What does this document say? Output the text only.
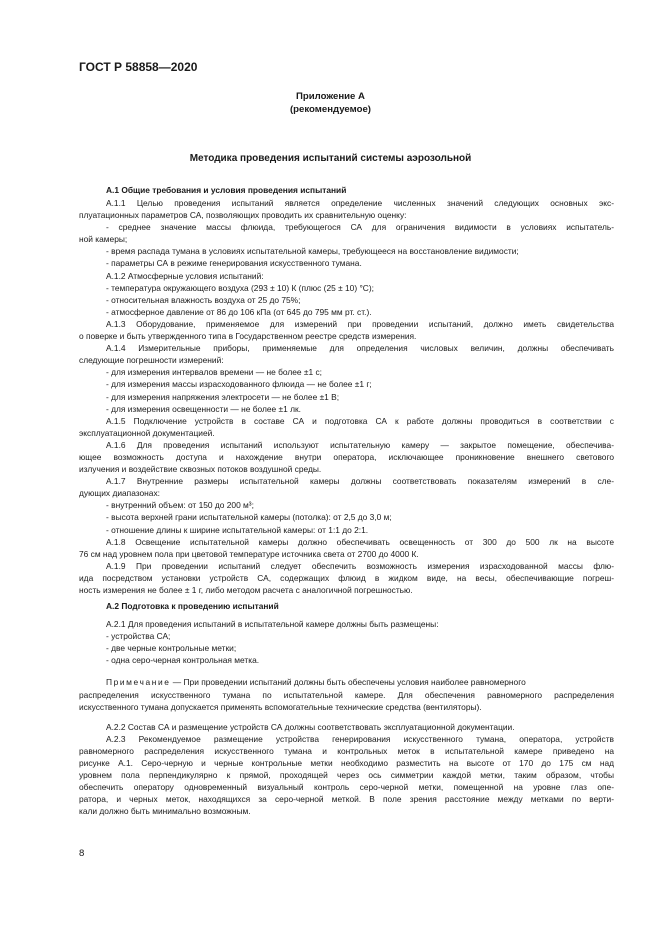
ГОСТ Р 58858—2020
Приложение А
(рекомендуемое)
Методика проведения испытаний системы аэрозольной
А.1 Общие требования и условия проведения испытаний
А.1.1 Целью проведения испытаний является определение численных значений следующих основных экс-
плуатационных параметров СА, позволяющих проводить их сравнительную оценку:
- среднее значение массы флюида, требующегося СА для ограничения видимости в условиях испытатель-
ной камеры;
- время распада тумана в условиях испытательной камеры, требующееся на восстановление видимости;
- параметры СА в режиме генерирования искусственного тумана.
А.1.2 Атмосферные условия испытаний:
- температура окружающего воздуха (293 ± 10) К (плюс (25 ± 10) °С);
- относительная влажность воздуха от 25 до 75%;
- атмосферное давление от 86 до 106 кПа (от 645 до 795 мм рт. ст.).
А.1.3 Оборудование, применяемое для измерений при проведении испытаний, должно иметь свидетельства
о поверке и быть утвержденного типа в Государственном реестре средств измерения.
А.1.4 Измерительные приборы, применяемые для определения числовых величин, должны обеспечивать
следующие погрешности измерений:
- для измерения интервалов времени — не более ±1 с;
- для измерения массы израсходованного флюида — не более ±1 г;
- для измерения напряжения электросети — не более ±1 В;
- для измерения освещенности — не более ±1 лк.
А.1.5 Подключение устройств в составе СА и подготовка СА к работе должны проводиться в соответствии с
эксплуатационной документацией.
А.1.6 Для проведения испытаний используют испытательную камеру — закрытое помещение, обеспечива-
ющее возможность доступа и нахождение внутри оператора, исключающее проникновение внешнего светового
излучения и воздействие сквозных потоков воздушной среды.
А.1.7 Внутренние размеры испытательной камеры должны соответствовать показателям измерений в сле-
дующих диапазонах:
- внутренний объем: от 150 до 200 м³;
- высота верхней грани испытательной камеры (потолка): от 2,5 до 3,0 м;
- отношение длины к ширине испытательной камеры: от 1:1 до 2:1.
А.1.8 Освещение испытательной камеры должно обеспечивать освещенность от 300 до 500 лк на высоте
76 см над уровнем пола при цветовой температуре источника света от 2700 до 4000 К.
А.1.9 При проведении испытаний следует обеспечить возможность измерения израсходованной массы флю-
ида посредством установки устройств СА, содержащих флюид в жидком виде, на весы, обеспечивающие погреш-
ность измерения не более ± 1 г, либо методом расчета с аналогичной погрешностью.
А.2 Подготовка к проведению испытаний
А.2.1 Для проведения испытаний в испытательной камере должны быть размещены:
- устройства СА;
- две черные контрольные метки;
- одна серо-черная контрольная метка.
Примечание — При проведении испытаний должны быть обеспечены условия наиболее равномерного
распределения искусственного тумана по испытательной камере. Для обеспечения равномерного распределения
искусственного тумана допускается применять вспомогательные технические средства (вентиляторы).
А.2.2 Состав СА и размещение устройств СА должны соответствовать эксплуатационной документации.
А.2.3 Рекомендуемое размещение устройства генерирования искусственного тумана, оператора, устройств
равномерного распределения искусственного тумана и контрольных меток в испытательной камере приведено на
рисунке А.1. Серо-черную и черные контрольные метки необходимо разместить на высоте от 170 до 175 см над
уровнем пола перпендикулярно к прямой, проходящей через ось симметрии каждой метки, таким образом, чтобы
обеспечить оператору одновременный визуальный контроль серо-черной метки, помещенной на уровне глаз опе-
ратора, и черных меток, находящихся за серо-черной меткой. В поле зрения расстояние между метками по верти-
кали должно быть минимально возможным.
8
